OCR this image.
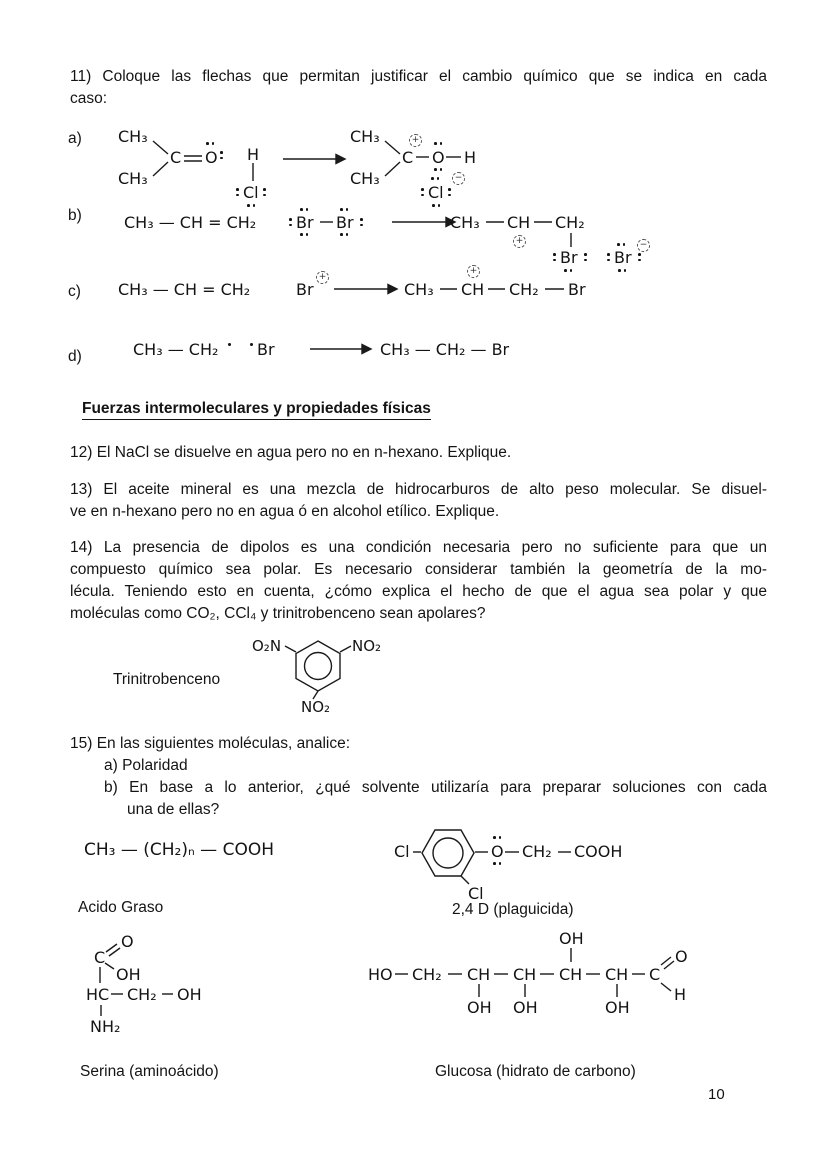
11) Coloque las flechas que permitan justificar el cambio químico que se indica en cada
caso:
a) CH₃
CH₃
C O H
Cl
CH₃
CH₃
C
+
O H
Cl
−
b)	CH₃ — CH = CH₂ Br Br	CH₃ CH
+
CH₂
Br Br
−
c) CH₃ — CH = CH₂	Br
+
CH₃ CH
+
CH₂ Br
d)	CH₃ — CH₂ Br	CH₃ — CH₂ — Br
Fuerzas intermoleculares y propiedades físicas
12) El NaCl se disuelve en agua pero no en n-hexano. Explique.
13) El aceite mineral es una mezcla de hidrocarburos de alto peso molecular. Se disuel-
ve en n-hexano pero no en agua ó en alcohol etílico. Explique.
14) La presencia de dipolos es una condición necesaria pero no suficiente para que un
compuesto químico sea polar. Es necesario considerar también la geometría de la mo-
lécula. Teniendo esto en cuenta, ¿cómo explica el hecho de que el agua sea polar y que
moléculas como CO₂, CCl₄ y trinitrobenceno sean apolares?
Trinitrobenceno
O₂N	NO₂
NO₂
15) En las siguientes moléculas, analice:
a) Polaridad
b) En base a lo anterior, ¿qué solvente utilizaría para preparar soluciones con cada
una de ellas?
CH₃ — (CH₂)ₙ — COOH
Acido Graso
Cl	O CH₂ COOH
Cl
2,4 D (plaguicida)
O
C
OH
HC CH₂ OH
NH₂
Serina (aminoácido)
HO CH₂ CH CH CH CH C
OH
OH OH	OH
O
H
Glucosa (hidrato de carbono)
10
